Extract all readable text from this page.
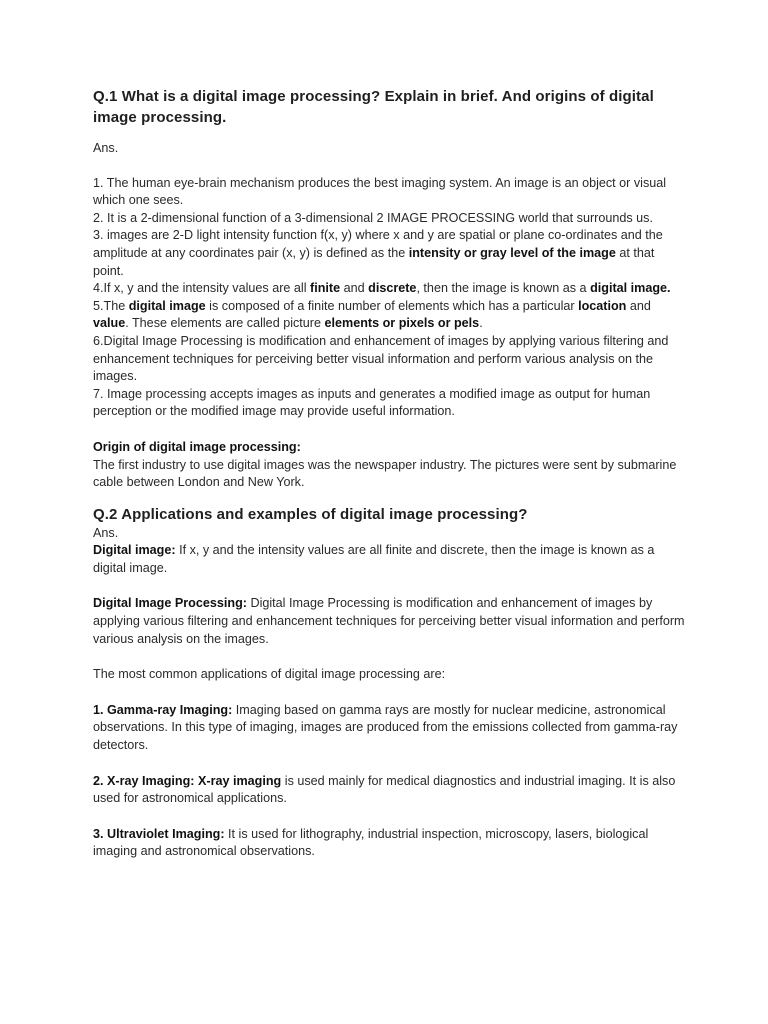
Q.1 What is a digital image processing? Explain in brief. And origins of digital image processing.

Ans.

1. The human eye-brain mechanism produces the best imaging system. An image is an object or visual which one sees.

2. It is a 2-dimensional function of a 3-dimensional 2 IMAGE PROCESSING world that surrounds us.

3. images are 2-D light intensity function f(x, y) where x and y are spatial or plane co-ordinates and the amplitude at any coordinates pair (x, y) is defined as the intensity or gray level of the image at that point.

4.If x, y and the intensity values are all finite and discrete, then the image is known as a digital image.

5.The digital image is composed of a finite number of elements which has a particular location and value. These elements are called picture elements or pixels or pels.

6.Digital Image Processing is modification and enhancement of images by applying various filtering and enhancement techniques for perceiving better visual information and perform various analysis on the images.

7. Image processing accepts images as inputs and generates a modified image as output for human perception or the modified image may provide useful information.

Origin of digital image processing:

The first industry to use digital images was the newspaper industry. The pictures were sent by submarine cable between London and New York.

Q.2 Applications and examples of digital image processing?

Ans.

Digital image: If x, y and the intensity values are all finite and discrete, then the image is known as a digital image.

Digital Image Processing: Digital Image Processing is modification and enhancement of images by applying various filtering and enhancement techniques for perceiving better visual information and perform various analysis on the images.

The most common applications of digital image processing are:

1. Gamma-ray Imaging: Imaging based on gamma rays are mostly for nuclear medicine, astronomical observations. In this type of imaging, images are produced from the emissions collected from gamma-ray detectors.

2. X-ray Imaging: X-ray imaging is used mainly for medical diagnostics and industrial imaging. It is also used for astronomical applications.

3. Ultraviolet Imaging: It is used for lithography, industrial inspection, microscopy, lasers, biological imaging and astronomical observations.
